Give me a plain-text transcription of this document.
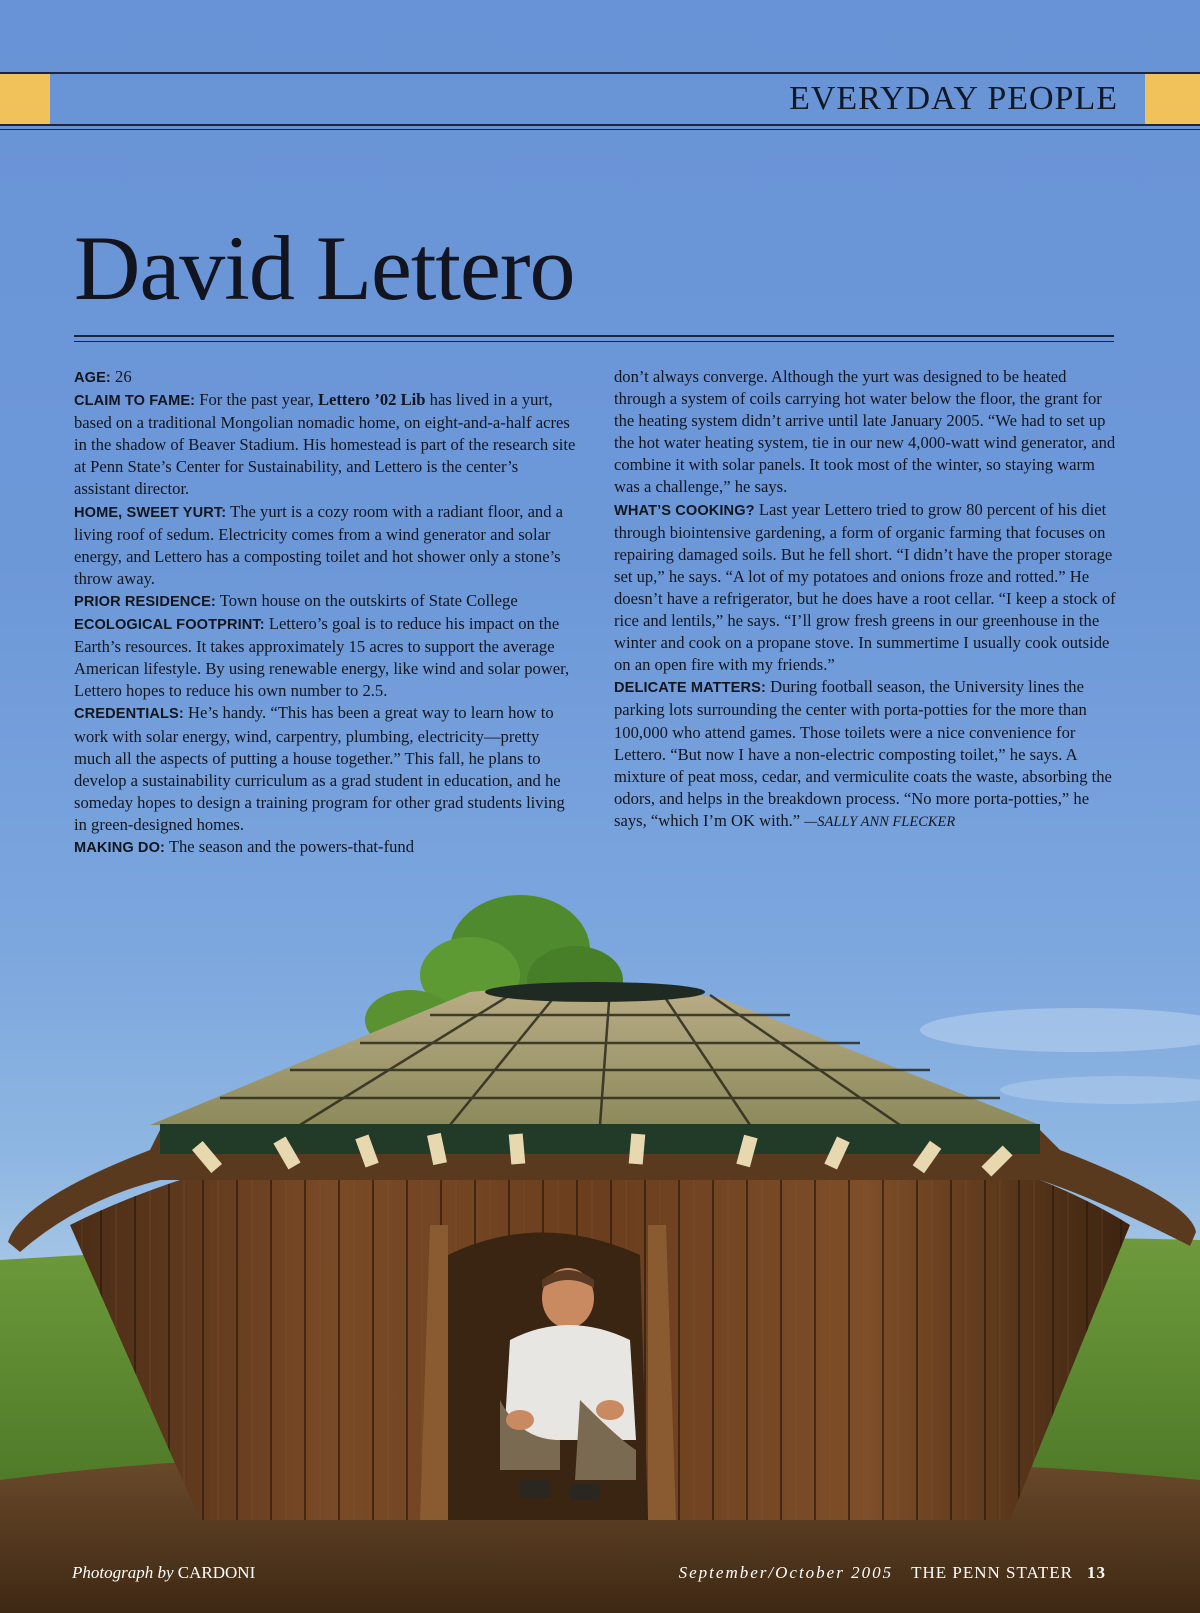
EVERYDAY PEOPLE
David Lettero

AGE: 26

CLAIM TO FAME: For the past year, Lettero ’02 Lib has lived in a yurt, based on a traditional Mongolian nomadic home, on eight-and-a-half acres in the shadow of Beaver Stadium. His homestead is part of the research site at Penn State’s Center for Sustainability, and Lettero is the center’s assistant director.

HOME, SWEET YURT: The yurt is a cozy room with a radiant floor, and a living roof of sedum. Electricity comes from a wind generator and solar energy, and Lettero has a composting toilet and hot shower only a stone’s throw away.

PRIOR RESIDENCE: Town house on the outskirts of State College

ECOLOGICAL FOOTPRINT: Lettero’s goal is to reduce his impact on the Earth’s resources. It takes approximately 15 acres to support the average American lifestyle. By using renewable energy, like wind and solar power, Lettero hopes to reduce his own number to 2.5.

CREDENTIALS: He’s handy. “This has been a great way to learn how to work with solar energy, wind, carpentry, plumbing, electricity—pretty much all the aspects of putting a house together.” This fall, he plans to develop a sustainability curriculum as a grad student in education, and he someday hopes to design a training program for other grad students living in green-designed homes.

MAKING DO: The season and the powers-that-fund

don’t always converge. Although the yurt was designed to be heated through a system of coils carrying hot water below the floor, the grant for the heating system didn’t arrive until late January 2005. “We had to set up the hot water heating system, tie in our new 4,000-watt wind generator, and combine it with solar panels. It took most of the winter, so staying warm was a challenge,” he says.

WHAT’S COOKING? Last year Lettero tried to grow 80 percent of his diet through biointensive gardening, a form of organic farming that focuses on repairing damaged soils. But he fell short. “I didn’t have the proper storage set up,” he says. “A lot of my potatoes and onions froze and rotted.” He doesn’t have a refrigerator, but he does have a root cellar. “I keep a stock of rice and lentils,” he says. “I’ll grow fresh greens in our greenhouse in the winter and cook on a propane stove. In summertime I usually cook outside on an open fire with my friends.”

DELICATE MATTERS: During football season, the University lines the parking lots surrounding the center with porta-potties for the more than 100,000 who attend games. Those toilets were a nice convenience for Lettero. “But now I have a non-electric composting toilet,” he says. A mixture of peat moss, cedar, and vermiculite coats the waste, absorbing the odors, and helps in the breakdown process. “No more porta-potties,” he says, “which I’m OK with.” —SALLY ANN FLECKER

Photograph by CARDONI	September/October 2005 THE PENN STATER 13
